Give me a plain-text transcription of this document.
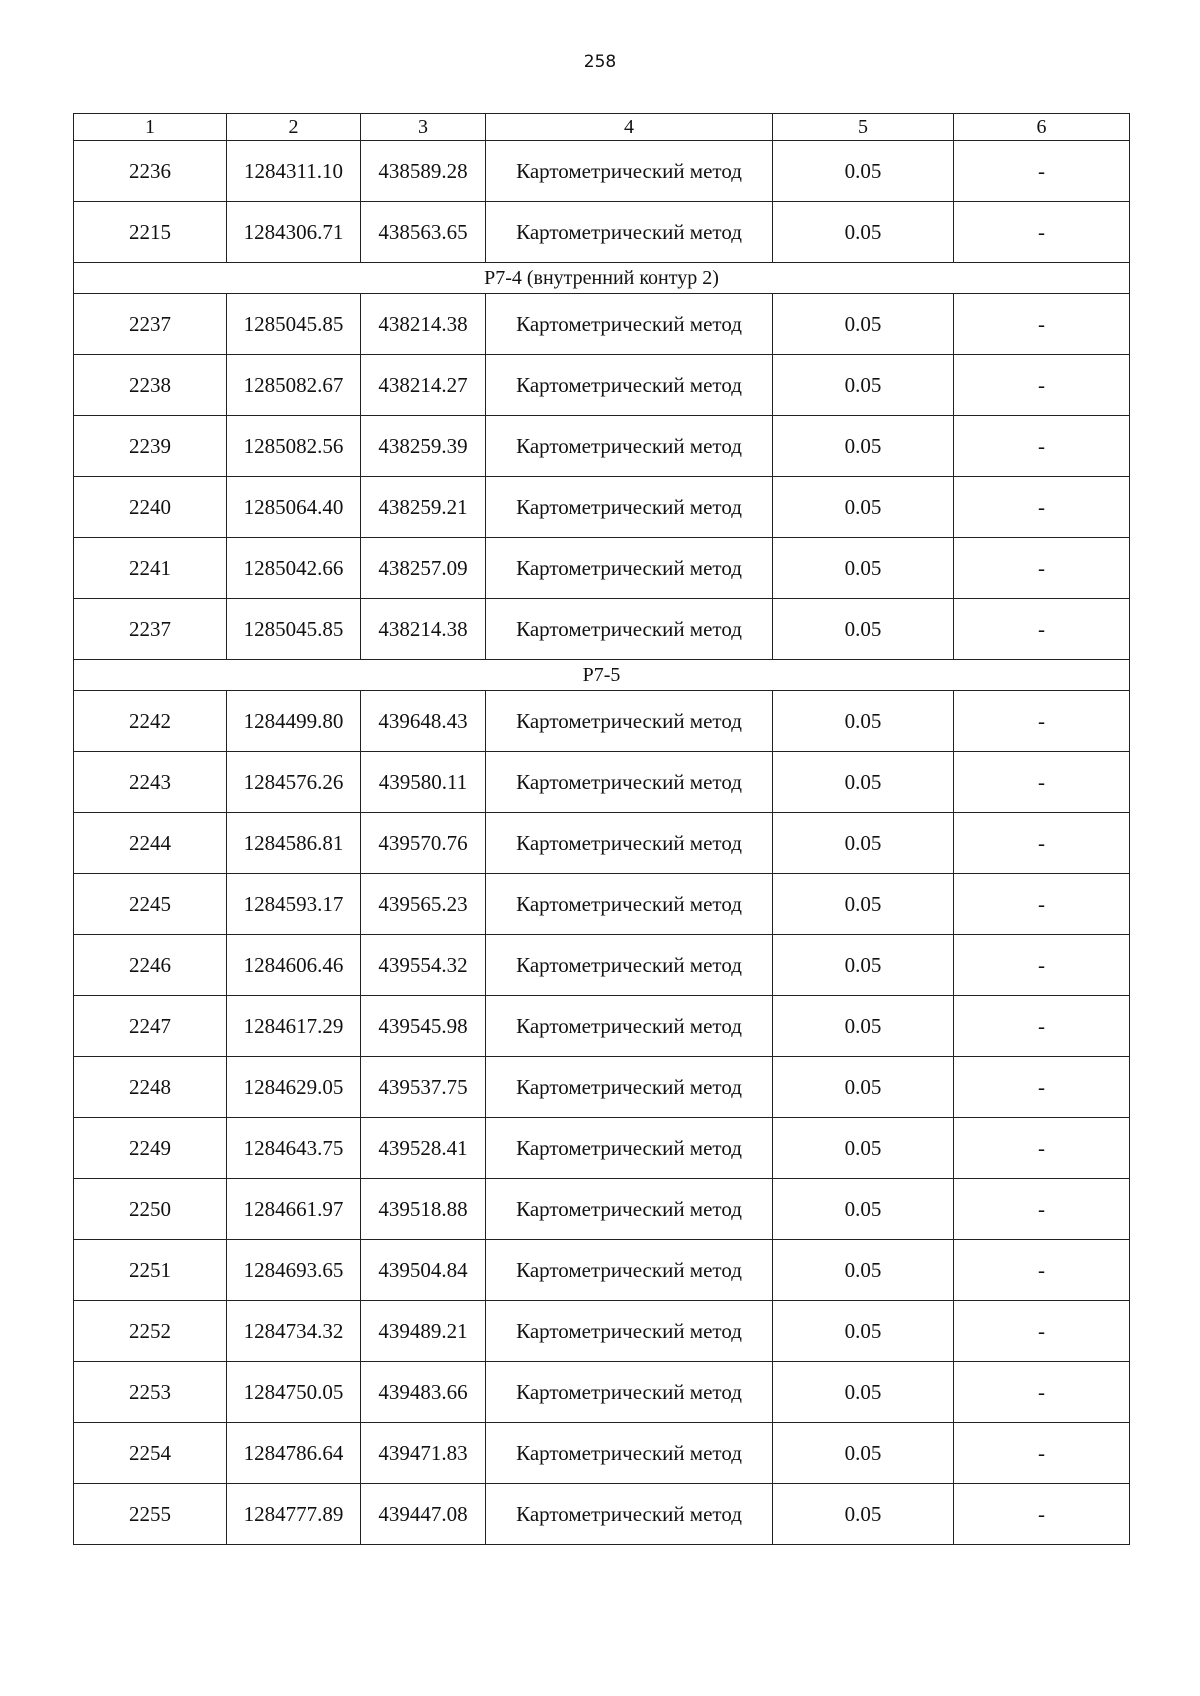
258
1	2	3	4	5	6
2236	1284311.10	438589.28	Картометрический метод	0.05	-
2215	1284306.71	438563.65	Картометрический метод	0.05	-
Р7-4 (внутренний контур 2)					
2237	1285045.85	438214.38	Картометрический метод	0.05	-
2238	1285082.67	438214.27	Картометрический метод	0.05	-
2239	1285082.56	438259.39	Картометрический метод	0.05	-
2240	1285064.40	438259.21	Картометрический метод	0.05	-
2241	1285042.66	438257.09	Картометрический метод	0.05	-
2237	1285045.85	438214.38	Картометрический метод	0.05	-
Р7-5					
2242	1284499.80	439648.43	Картометрический метод	0.05	-
2243	1284576.26	439580.11	Картометрический метод	0.05	-
2244	1284586.81	439570.76	Картометрический метод	0.05	-
2245	1284593.17	439565.23	Картометрический метод	0.05	-
2246	1284606.46	439554.32	Картометрический метод	0.05	-
2247	1284617.29	439545.98	Картометрический метод	0.05	-
2248	1284629.05	439537.75	Картометрический метод	0.05	-
2249	1284643.75	439528.41	Картометрический метод	0.05	-
2250	1284661.97	439518.88	Картометрический метод	0.05	-
2251	1284693.65	439504.84	Картометрический метод	0.05	-
2252	1284734.32	439489.21	Картометрический метод	0.05	-
2253	1284750.05	439483.66	Картометрический метод	0.05	-
2254	1284786.64	439471.83	Картометрический метод	0.05	-
2255	1284777.89	439447.08	Картометрический метод	0.05	-
